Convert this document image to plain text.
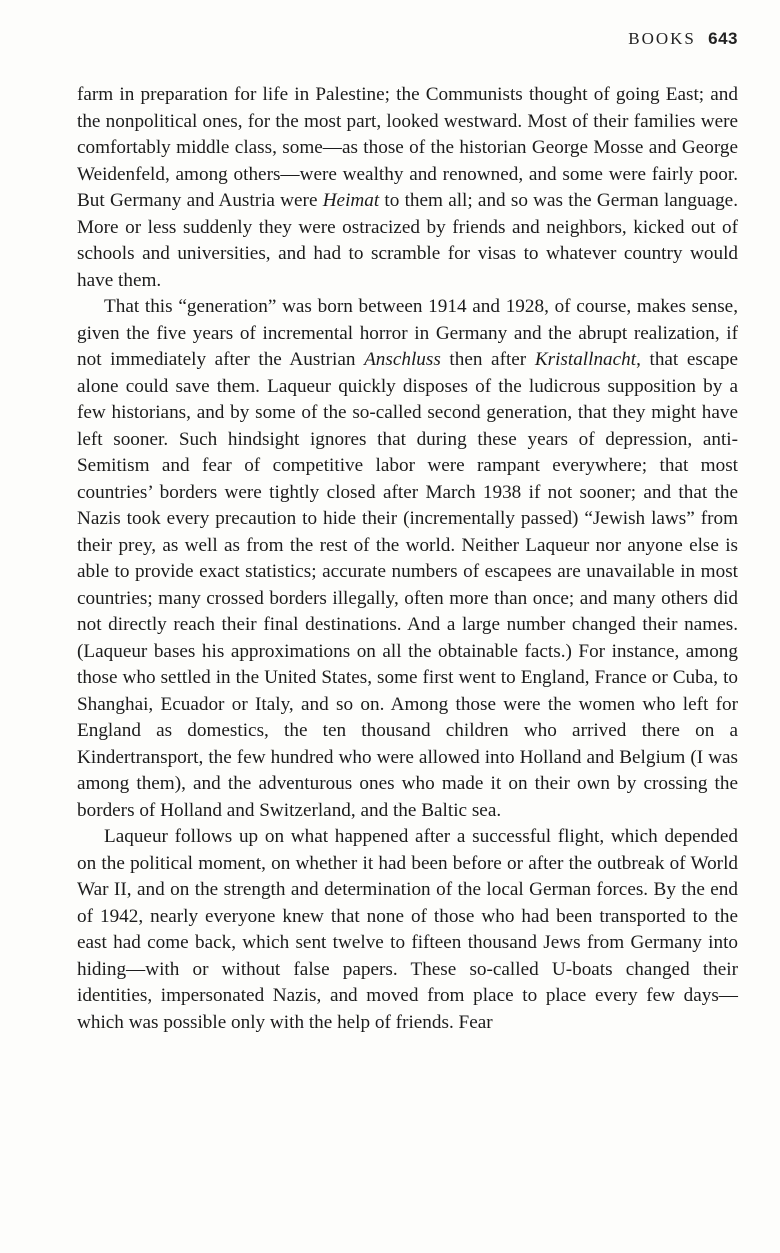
BOOKS 643

farm in preparation for life in Palestine; the Communists thought of going East; and the nonpolitical ones, for the most part, looked westward. Most of their families were comfortably middle class, some—as those of the historian George Mosse and George Weidenfeld, among others—were wealthy and renowned, and some were fairly poor. But Germany and Austria were Heimat to them all; and so was the German language. More or less suddenly they were ostracized by friends and neighbors, kicked out of schools and universities, and had to scramble for visas to whatever country would have them.

That this “generation” was born between 1914 and 1928, of course, makes sense, given the five years of incremental horror in Germany and the abrupt realization, if not immediately after the Austrian Anschluss then after Kristallnacht, that escape alone could save them. Laqueur quickly disposes of the ludicrous supposition by a few historians, and by some of the so-called second generation, that they might have left sooner. Such hindsight ignores that during these years of depression, anti-Semitism and fear of competitive labor were rampant everywhere; that most countries’ borders were tightly closed after March 1938 if not sooner; and that the Nazis took every precaution to hide their (incrementally passed) “Jewish laws” from their prey, as well as from the rest of the world. Neither Laqueur nor anyone else is able to provide exact statistics; accurate numbers of escapees are unavailable in most countries; many crossed borders illegally, often more than once; and many others did not directly reach their final destinations. And a large number changed their names. (Laqueur bases his approximations on all the obtainable facts.) For instance, among those who settled in the United States, some first went to England, France or Cuba, to Shanghai, Ecuador or Italy, and so on. Among those were the women who left for England as domestics, the ten thousand children who arrived there on a Kindertransport, the few hundred who were allowed into Holland and Belgium (I was among them), and the adventurous ones who made it on their own by crossing the borders of Holland and Switzerland, and the Baltic sea.

Laqueur follows up on what happened after a successful flight, which depended on the political moment, on whether it had been before or after the outbreak of World War II, and on the strength and determination of the local German forces. By the end of 1942, nearly everyone knew that none of those who had been transported to the east had come back, which sent twelve to fifteen thousand Jews from Germany into hiding—with or without false papers. These so-called U-boats changed their identities, impersonated Nazis, and moved from place to place every few days—which was possible only with the help of friends. Fear
